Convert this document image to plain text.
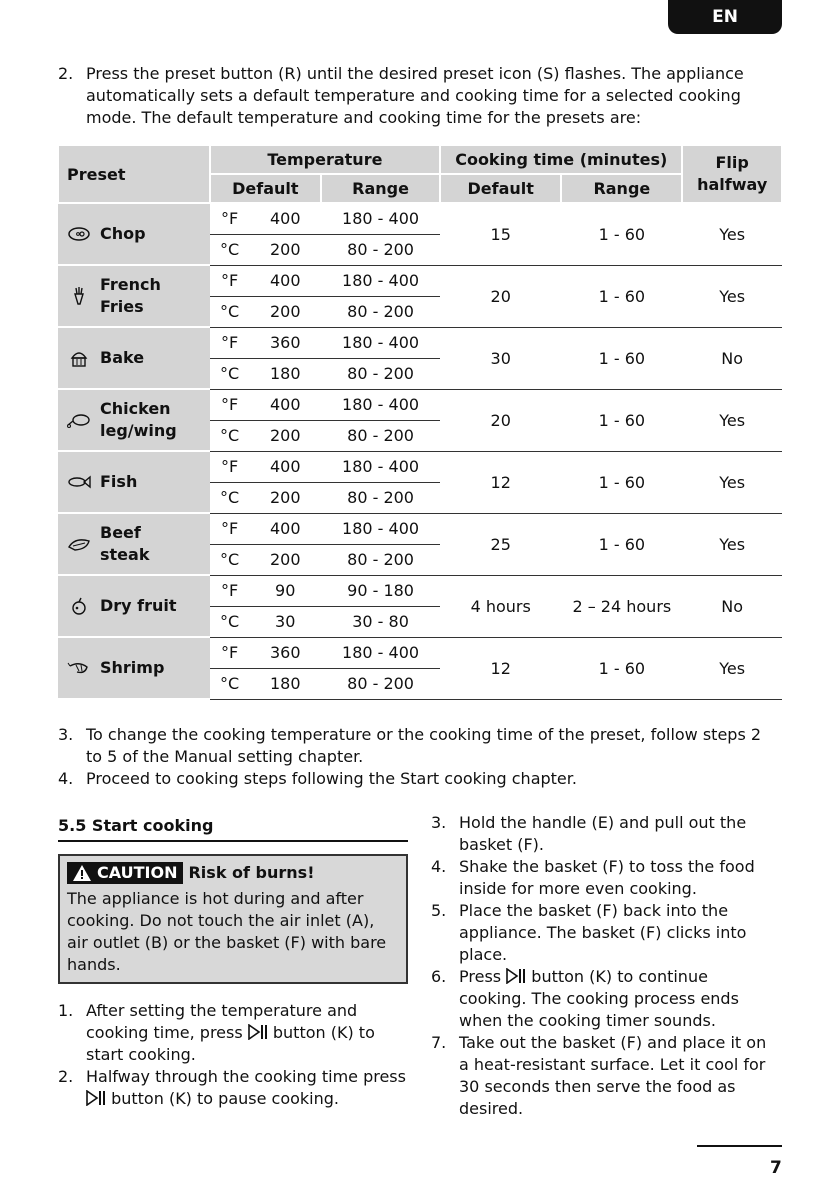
EN
2. Press the preset button (R) until the desired preset icon (S) flashes. The appliance automatically sets a default temperature and cooking time for a selected cooking mode. The default temperature and cooking time for the presets are:
Preset	Temperature			Cooking time (minutes)		Flip halfway
	Default		Range	Default	Range	

Chop	°F	400	180 - 400	15	1 - 60	Yes
	°C	200	80 - 200			

French Fries	°F	400	180 - 400	20	1 - 60	Yes
	°C	200	80 - 200			

Bake	°F	360	180 - 400	30	1 - 60	No
	°C	180	80 - 200			

Chicken leg/wing	°F	400	180 - 400	20	1 - 60	Yes
	°C	200	80 - 200			

Fish	°F	400	180 - 400	12	1 - 60	Yes
	°C	200	80 - 200			

Beef steak	°F	400	180 - 400	25	1 - 60	Yes
	°C	200	80 - 200			

Dry fruit	°F	90	90 - 180	4 hours	2 – 24 hours	No
	°C	30	30 - 80			

Shrimp	°F	360	180 - 400	12	1 - 60	Yes
	°C	180	80 - 200			
3. To change the cooking temperature or the cooking time of the preset, follow steps 2 to 5 of the Manual setting chapter.
4. Proceed to cooking steps following the Start cooking chapter.
5.5 Start cooking
CAUTION Risk of burns!
The appliance is hot during and after cooking. Do not touch the air inlet (A), air outlet (B) or the basket (F) with bare hands.
1. After setting the temperature and cooking time, press  button (K) to start cooking.
2. Halfway through the cooking time press  button (K) to pause cooking.
3. Hold the handle (E) and pull out the basket (F).
4. Shake the basket (F) to toss the food inside for more even cooking.
5. Place the basket (F) back into the appliance. The basket (F) clicks into place.
6. Press  button (K) to continue cooking. The cooking process ends when the cooking timer sounds.
7. Take out the basket (F) and place it on a heat-resistant surface. Let it cool for 30 seconds then serve the food as desired.
7
